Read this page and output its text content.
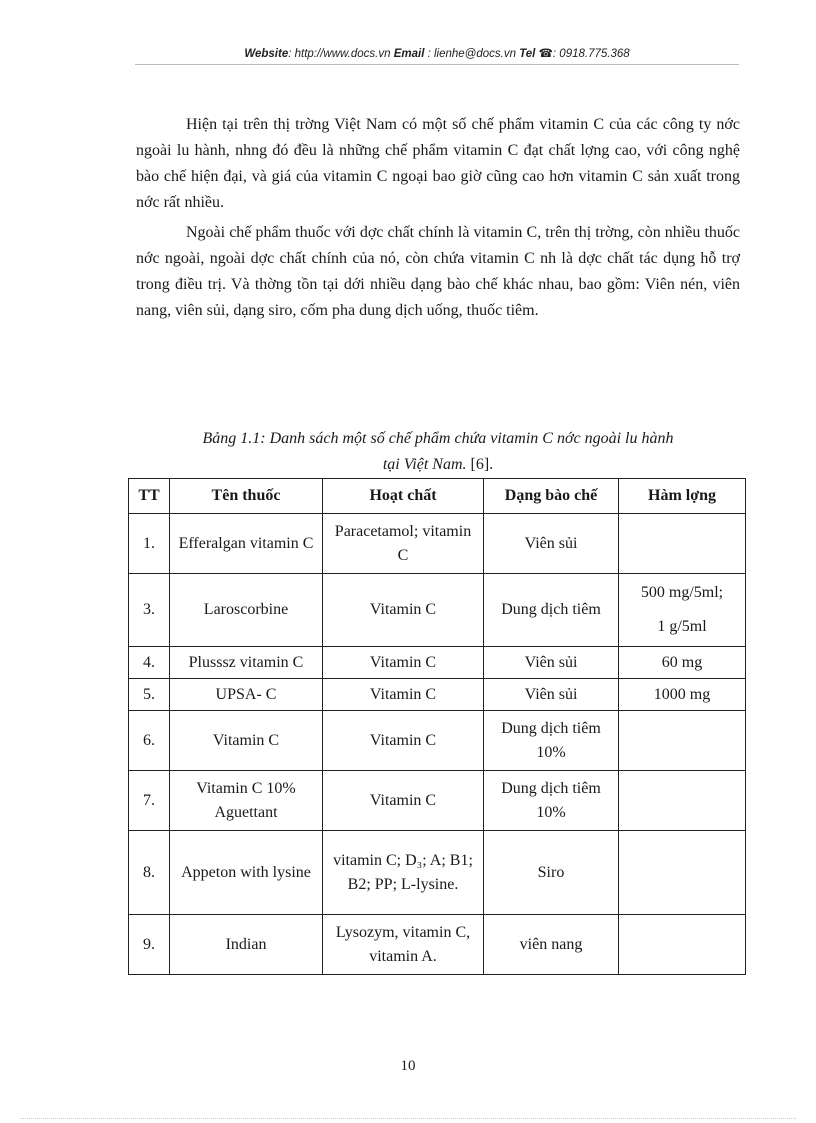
Website: http://www.docs.vn Email : lienhe@docs.vn Tel ☎: 0918.775.368

Hiện tại trên thị trờng Việt Nam có một số chế phẩm vitamin C của các công ty nớc ngoài lu hành, nhng đó đều là những chế phẩm vitamin C đạt chất lợng cao, với công nghệ bào chế hiện đại, và giá của vitamin C ngoại bao giờ cũng cao hơn vitamin C sản xuất trong nớc rất nhiều.

Ngoài chế phẩm thuốc với dợc chất chính là vitamin C, trên thị trờng, còn nhiều thuốc nớc ngoài, ngoài dợc chất chính của nó, còn chứa vitamin C nh là dợc chất tác dụng hỗ trợ trong điều trị. Và thờng tồn tại dới nhiều dạng bào chế khác nhau, bao gồm: Viên nén, viên nang, viên sủi, dạng siro, cốm pha dung dịch uống, thuốc tiêm.

Bảng 1.1: Danh sách một số chế phẩm chứa vitamin C nớc ngoài lu hành
tại Việt Nam. [6].
TT	Tên thuốc	Hoạt chất	Dạng bào chế	Hàm lợng
1.	Efferalgan vitamin C	Paracetamol; vitamin C	Viên sủi	
3.	Laroscorbine	Vitamin C	Dung dịch tiêm	500 mg/5ml;
1 g/5ml

4.	Plusssz vitamin C	Vitamin C	Viên sủi	60 mg
5.	UPSA- C	Vitamin C	Viên sủi	1000 mg
6.	Vitamin C	Vitamin C	Dung dịch tiêm 10%	
7.	Vitamin C 10% Aguettant	Vitamin C	Dung dịch tiêm 10%	
8.	Appeton with lysine	vitamin C; D₃; A; B1; B2; PP; L-lysine.	Siro	
9.	Indian	Lysozym, vitamin C, vitamin A.	viên nang	
10
